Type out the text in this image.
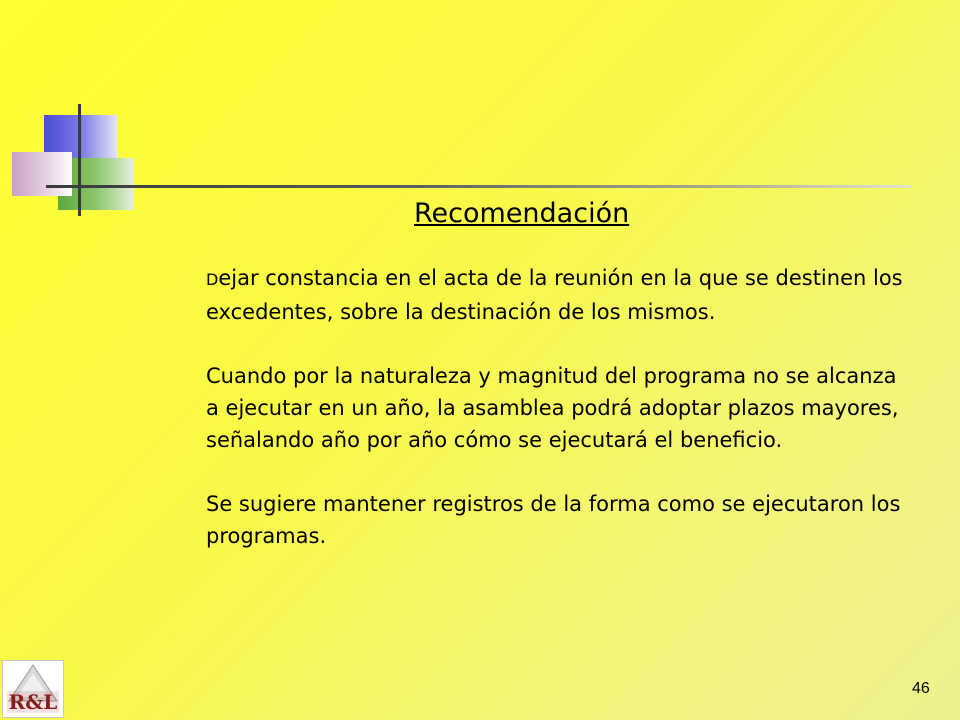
Recomendación

Dejar constancia en el acta de la reunión en la que se destinen los excedentes, sobre la destinación de los mismos.

Cuando por la naturaleza y magnitud del programa no se alcanza a ejecutar en un año, la asamblea podrá adoptar plazos mayores, señalando año por año cómo se ejecutará el beneficio.

Se sugiere mantener registros de la forma como se ejecutaron los programas.

R&L
46
